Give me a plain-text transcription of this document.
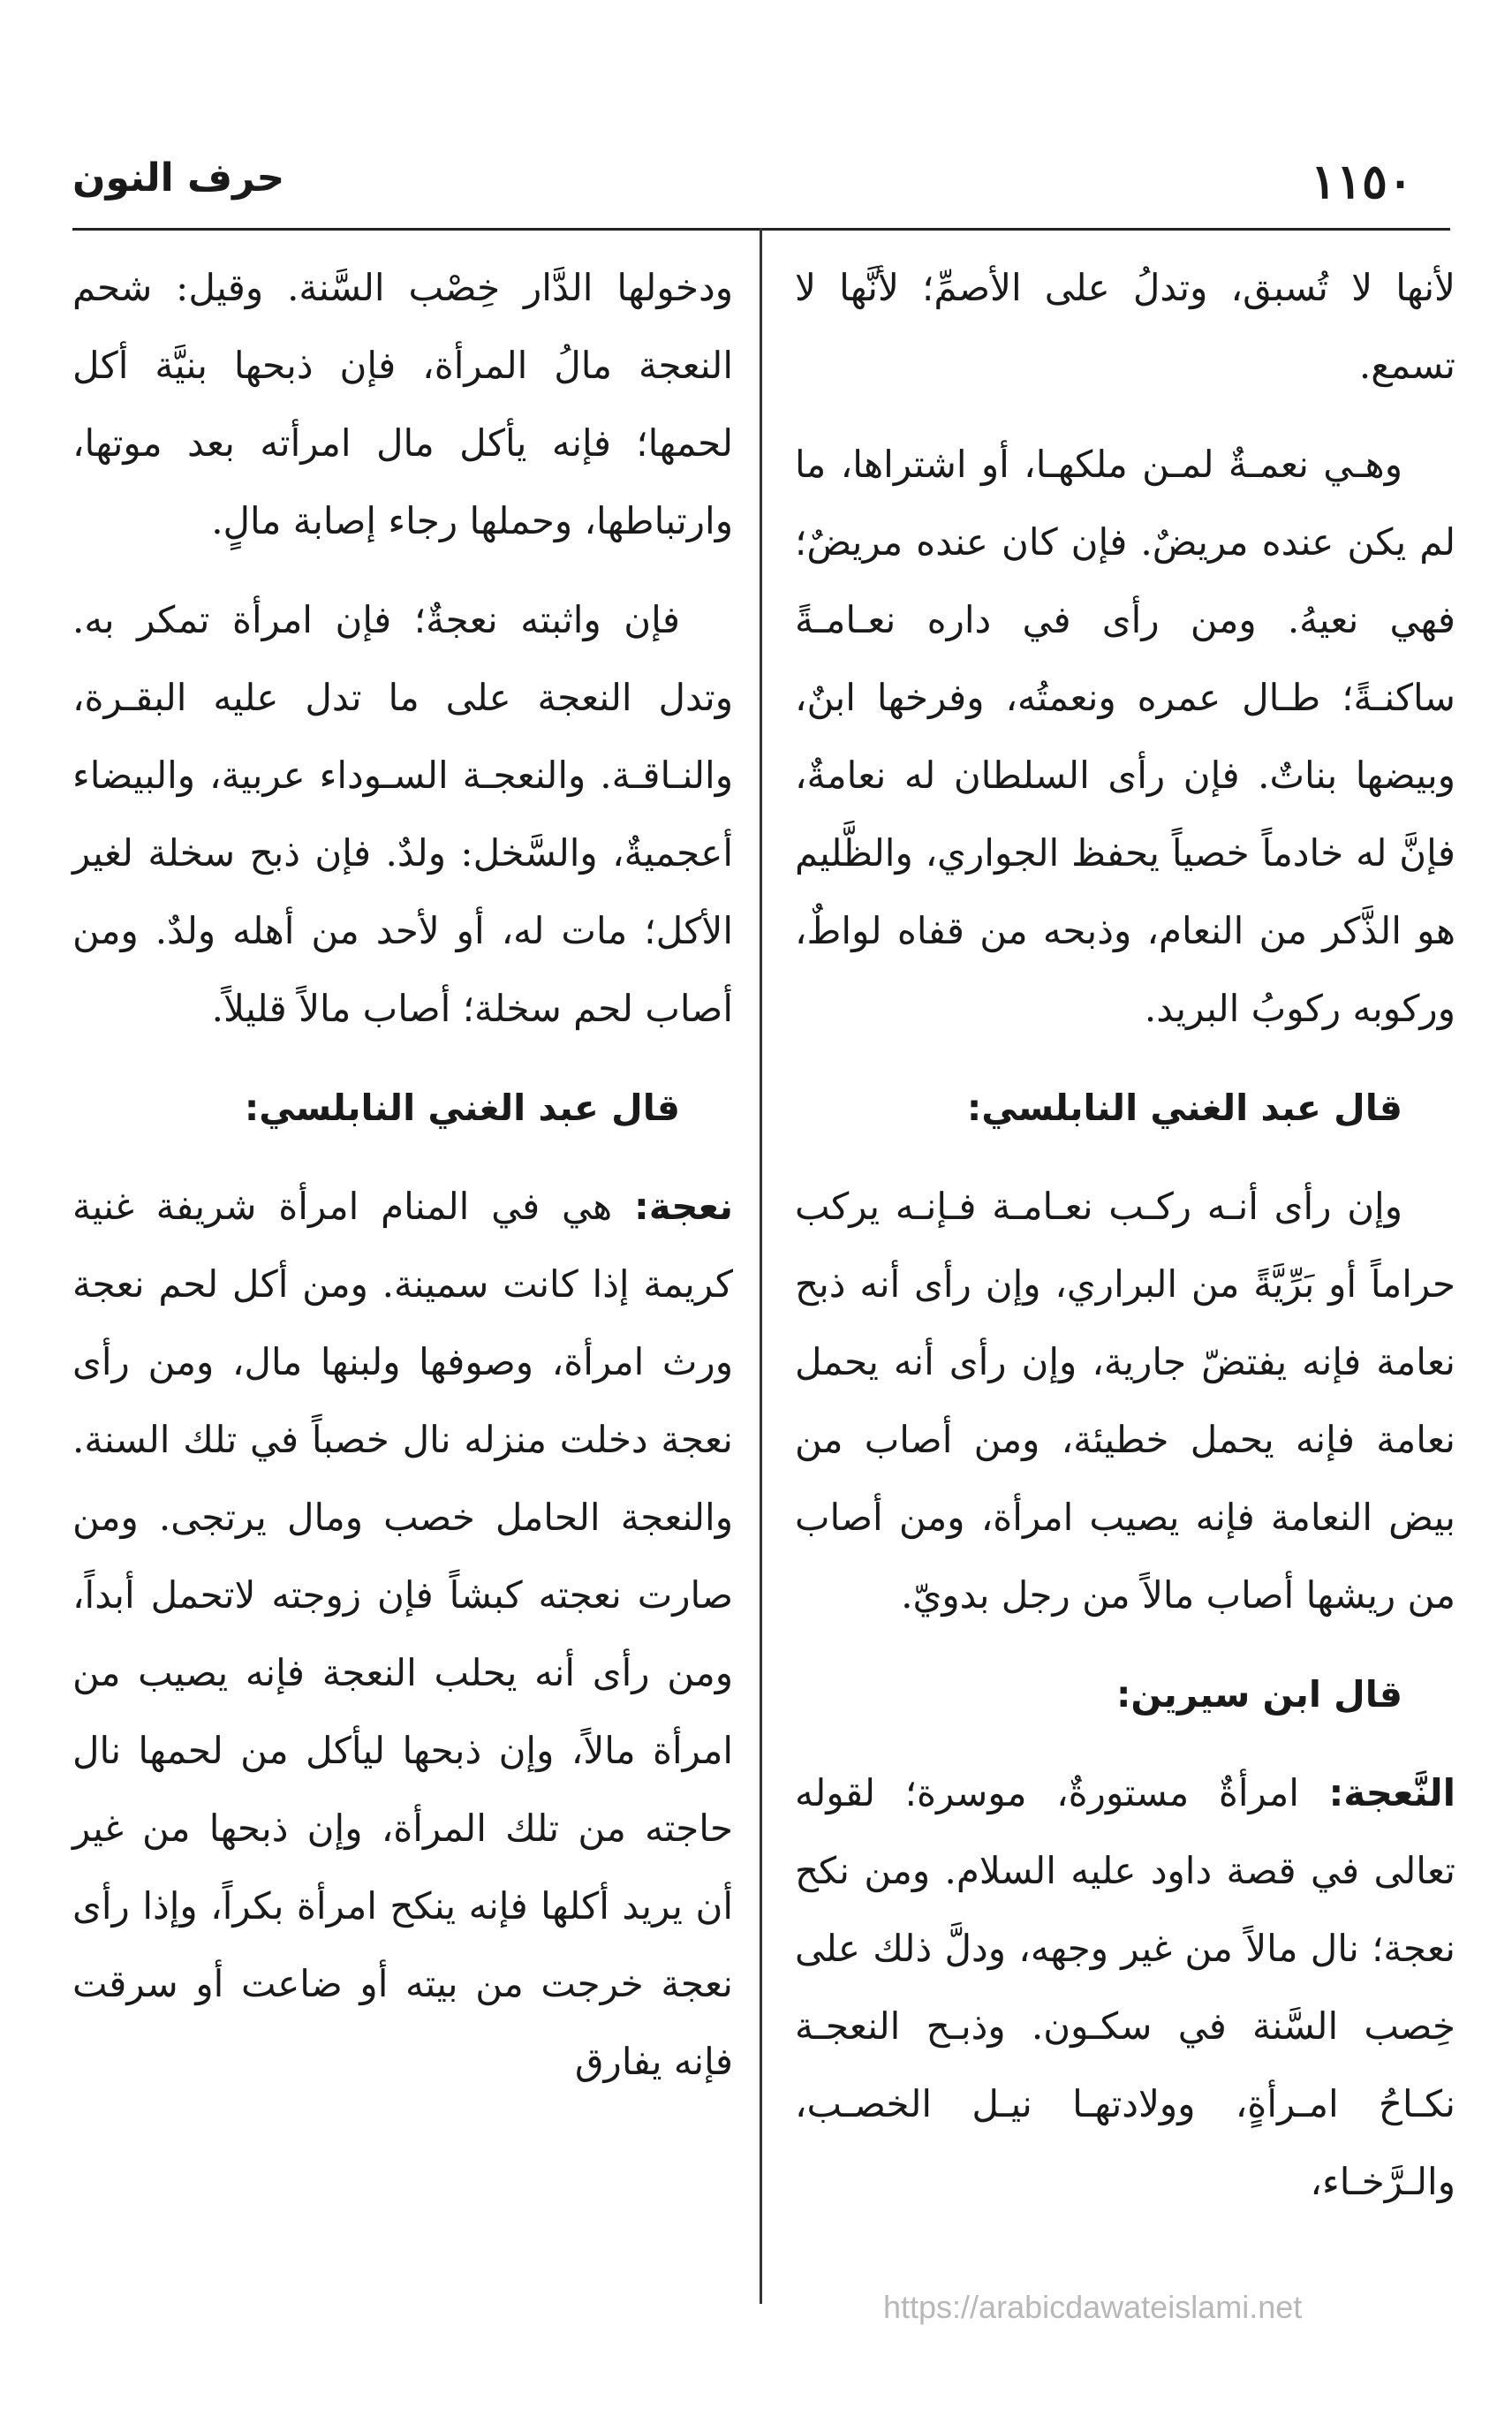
١١٥٠
حرف النون

لأنها لا تُسبق، وتدلُ على الأصمِّ؛ لأنَّها لا تسمع.

وهـي نعمـةٌ لمـن ملكهـا، أو اشتراها، ما لم يكن عنده مريضٌ. فإن كان عنده مريضٌ؛ فهي نعيهُ. ومن رأى في داره نعـامـةً ساكنـةً؛ طـال عمره ونعمتُه، وفرخها ابنٌ، وبيضها بناتٌ. فإن رأى السلطان له نعامةٌ، فإنَّ له خادماً خصياً يحفظ الجواري، والظَّليم هو الذَّكر من النعام، وذبحه من قفاه لواطٌ، وركوبه ركوبُ البريد.

قال عبد الغني النابلسي:

وإن رأى أنـه ركـب نعـامـة فـإنـه يركب حراماً أو بَرِّيَّةً من البراري، وإن رأى أنه ذبح نعامة فإنه يفتضّ جارية، وإن رأى أنه يحمل نعامة فإنه يحمل خطيئة، ومن أصاب من بيض النعامة فإنه يصيب امرأة، ومن أصاب من ريشها أصاب مالاً من رجل بدويّ.

قال ابن سيرين:

النَّعجة: امرأةٌ مستورةٌ، موسرة؛ لقوله تعالى في قصة داود عليه السلام. ومن نكح نعجة؛ نال مالاً من غير وجهه، ودلَّ ذلك على خِصب السَّنة في سكـون. وذبـح النعجـة نكـاحُ امـرأةٍ، وولادتهـا نيـل الخصـب، والـرَّخـاء،

ودخولها الدَّار خِصْب السَّنة. وقيل: شحم النعجة مالُ المرأة، فإن ذبحها بنيَّة أكل لحمها؛ فإنه يأكل مال امرأته بعد موتها، وارتباطها، وحملها رجاء إصابة مالٍ.

فإن واثبته نعجةٌ؛ فإن امرأة تمكر به. وتدل النعجة على ما تدل عليه البقـرة، والنـاقـة. والنعجـة السـوداء عربية، والبيضاء أعجميةٌ، والسَّخل: ولدٌ. فإن ذبح سخلة لغير الأكل؛ مات له، أو لأحد من أهله ولدٌ. ومن أصاب لحم سخلة؛ أصاب مالاً قليلاً.

قال عبد الغني النابلسي:

نعجة: هي في المنام امرأة شريفة غنية كريمة إذا كانت سمينة. ومن أكل لحم نعجة ورث امرأة، وصوفها ولبنها مال، ومن رأى نعجة دخلت منزله نال خصباً في تلك السنة. والنعجة الحامل خصب ومال يرتجى. ومن صارت نعجته كبشاً فإن زوجته لاتحمل أبداً، ومن رأى أنه يحلب النعجة فإنه يصيب من امرأة مالاً، وإن ذبحها ليأكل من لحمها نال حاجته من تلك المرأة، وإن ذبحها من غير أن يريد أكلها فإنه ينكح امرأة بكراً، وإذا رأى نعجة خرجت من بيته أو ضاعت أو سرقت فإنه يفارق

https://arabicdawateislami.net
